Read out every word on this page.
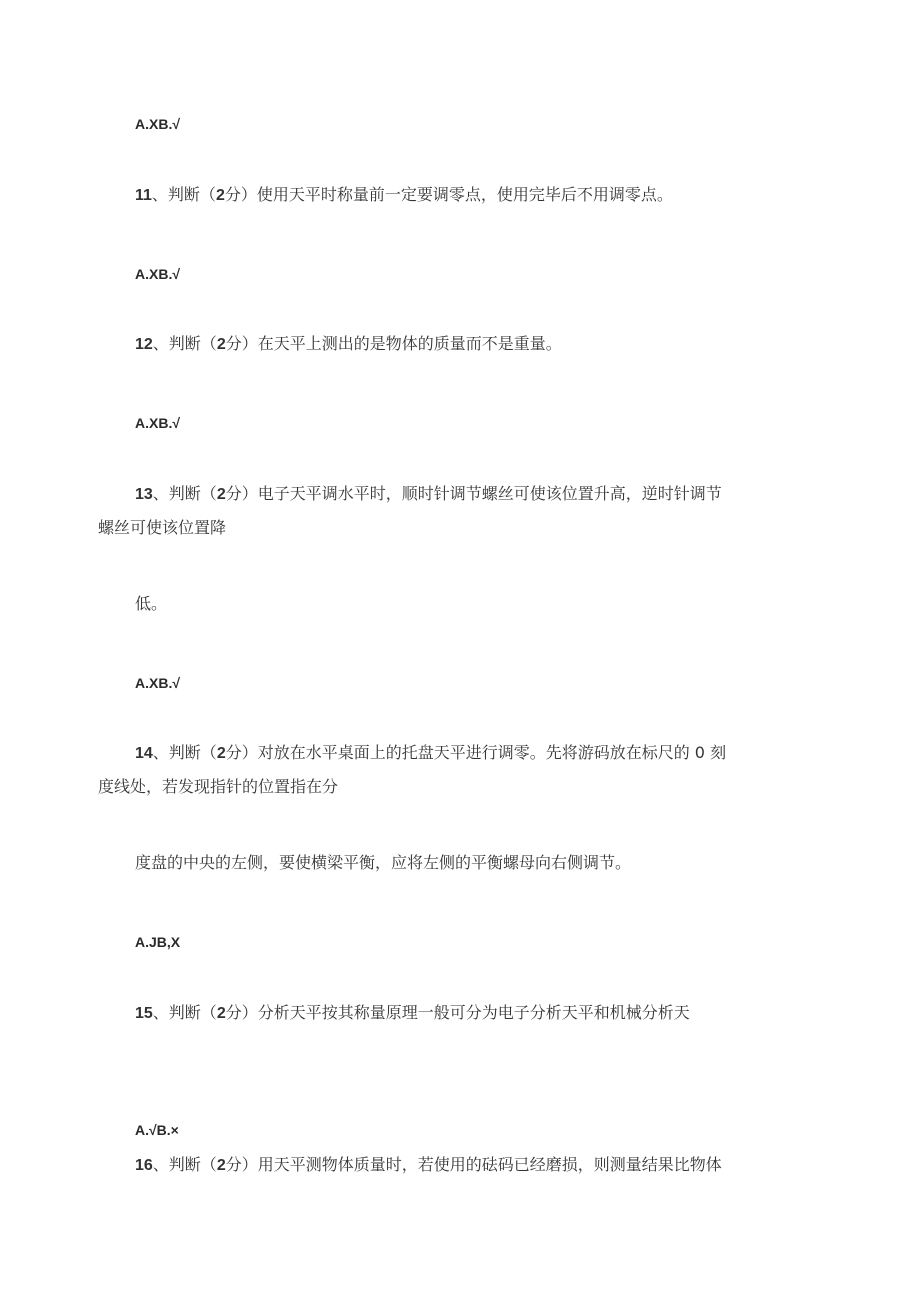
A.XB.√
11、判断（2分）使用天平时称量前一定要调零点，使用完毕后不用调零点。
A.XB.√
12、判断（2分）在天平上测出的是物体的质量而不是重量。
A.XB.√
13、判断（2分）电子天平调水平时，顺时针调节螺丝可使该位置升高，逆时针调节
螺丝可使该位置降
低。
A.XB.√
14、判断（2分）对放在水平桌面上的托盘天平进行调零。先将游码放在标尺的 0 刻
度线处，若发现指针的位置指在分
度盘的中央的左侧，要使横梁平衡，应将左侧的平衡螺母向右侧调节。
A.JB,X
15、判断（2分）分析天平按其称量原理一般可分为电子分析天平和机械分析天
A.√B.×
16、判断（2分）用天平测物体质量时，若使用的砝码已经磨损，则测量结果比物体
